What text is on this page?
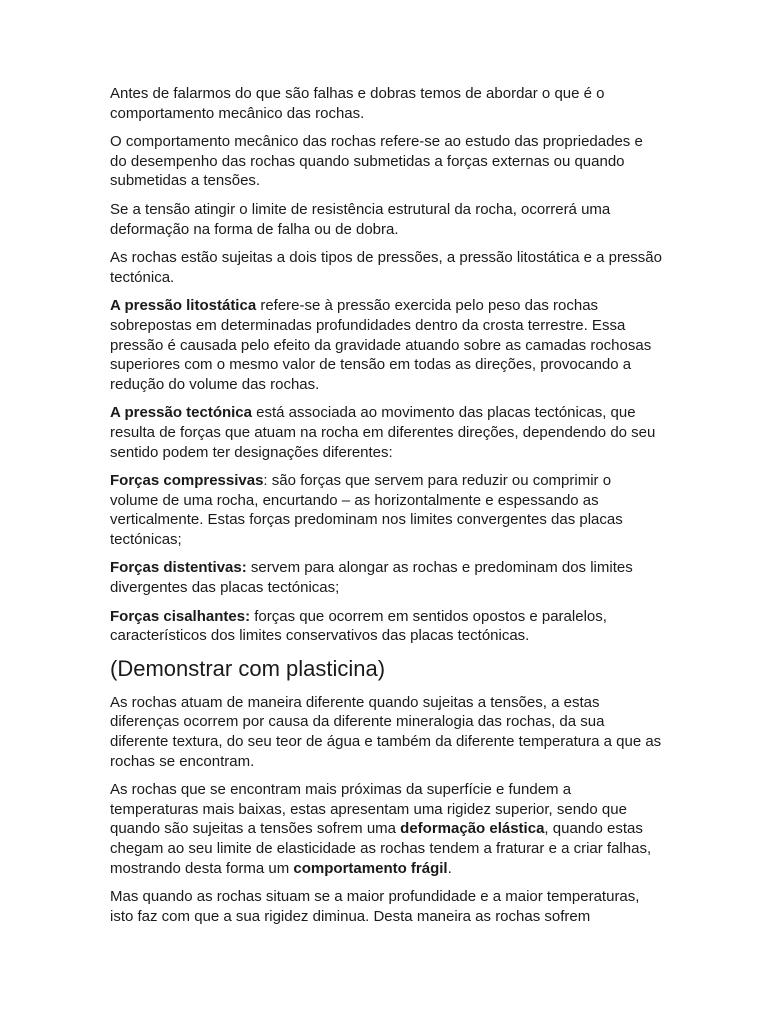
Antes de falarmos do que são falhas e dobras temos de abordar o que é o comportamento mecânico das rochas.

O comportamento mecânico das rochas refere-se ao estudo das propriedades e do desempenho das rochas quando submetidas a forças externas ou quando submetidas a tensões.

Se a tensão atingir o limite de resistência estrutural da rocha, ocorrerá uma deformação na forma de falha ou de dobra.

As rochas estão sujeitas a dois tipos de pressões, a pressão litostática e a pressão tectónica.

A pressão litostática refere-se à pressão exercida pelo peso das rochas sobrepostas em determinadas profundidades dentro da crosta terrestre. Essa pressão é causada pelo efeito da gravidade atuando sobre as camadas rochosas superiores com o mesmo valor de tensão em todas as direções, provocando a redução do volume das rochas.

A pressão tectónica está associada ao movimento das placas tectónicas, que resulta de forças que atuam na rocha em diferentes direções, dependendo do seu sentido podem ter designações diferentes:

Forças compressivas: são forças que servem para reduzir ou comprimir o volume de uma rocha, encurtando – as horizontalmente e espessando as verticalmente. Estas forças predominam nos limites convergentes das placas tectónicas;

Forças distentivas: servem para alongar as rochas e predominam dos limites divergentes das placas tectónicas;

Forças cisalhantes: forças que ocorrem em sentidos opostos e paralelos, característicos dos limites conservativos das placas tectónicas.

(Demonstrar com plasticina)

As rochas atuam de maneira diferente quando sujeitas a tensões, a estas diferenças ocorrem por causa da diferente mineralogia das rochas, da sua diferente textura, do seu teor de água e também da diferente temperatura a que as rochas se encontram.

As rochas que se encontram mais próximas da superfície e fundem a temperaturas mais baixas, estas apresentam uma rigidez superior, sendo que quando são sujeitas a tensões sofrem uma deformação elástica, quando estas chegam ao seu limite de elasticidade as rochas tendem a fraturar e a criar falhas, mostrando desta forma um comportamento frágil.

Mas quando as rochas situam se a maior profundidade e a maior temperaturas, isto faz com que a sua rigidez diminua. Desta maneira as rochas sofrem
